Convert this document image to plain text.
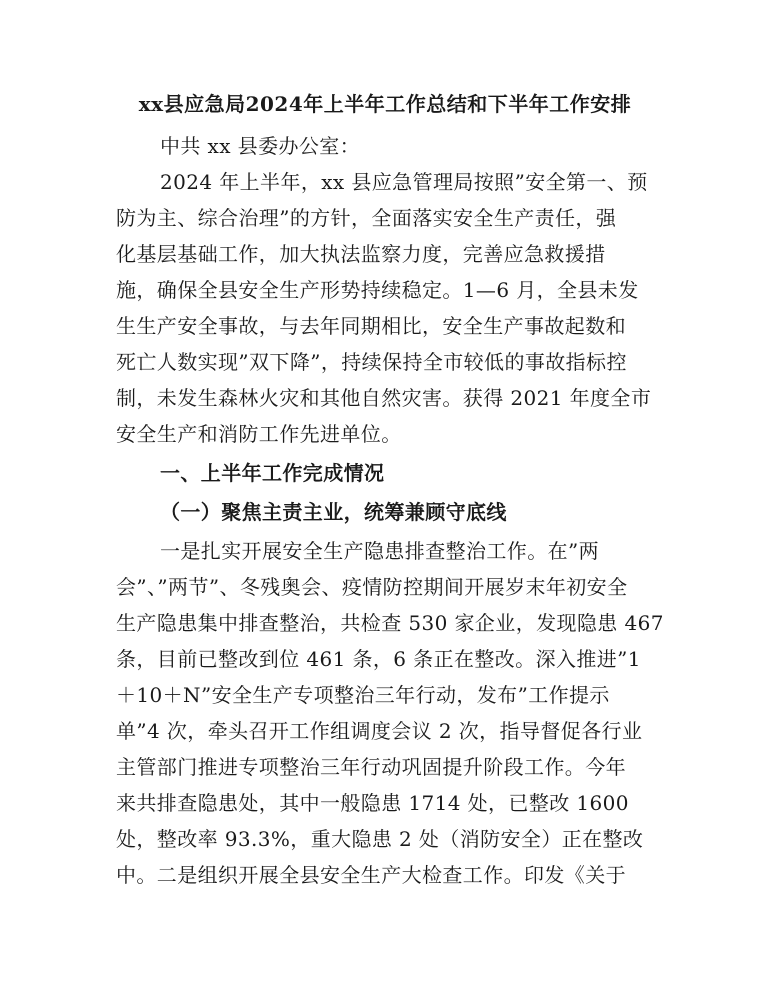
xx县应急局2024年上半年工作总结和下半年工作安排
中共 xx 县委办公室：
2024 年上半年，xx 县应急管理局按照”安全第一、预
防为主、综合治理”的方针，全面落实安全生产责任，强
化基层基础工作，加大执法监察力度，完善应急救援措
施，确保全县安全生产形势持续稳定。1—6 月，全县未发
生生产安全事故，与去年同期相比，安全生产事故起数和
死亡人数实现”双下降”，持续保持全市较低的事故指标控
制，未发生森林火灾和其他自然灾害。获得 2021 年度全市
安全生产和消防工作先进单位。
一、上半年工作完成情况
（一）聚焦主责主业，统筹兼顾守底线
一是扎实开展安全生产隐患排查整治工作。在”两
会”、”两节”、冬残奥会、疫情防控期间开展岁末年初安全
生产隐患集中排查整治，共检查 530 家企业，发现隐患 467
条，目前已整改到位 461 条，6 条正在整改。深入推进”1
＋10＋N”安全生产专项整治三年行动，发布”工作提示
单”4 次，牵头召开工作组调度会议 2 次，指导督促各行业
主管部门推进专项整治三年行动巩固提升阶段工作。今年
来共排查隐患处，其中一般隐患 1714 处，已整改 1600
处，整改率 93.3%，重大隐患 2 处（消防安全）正在整改
中。二是组织开展全县安全生产大检查工作。印发《关于
